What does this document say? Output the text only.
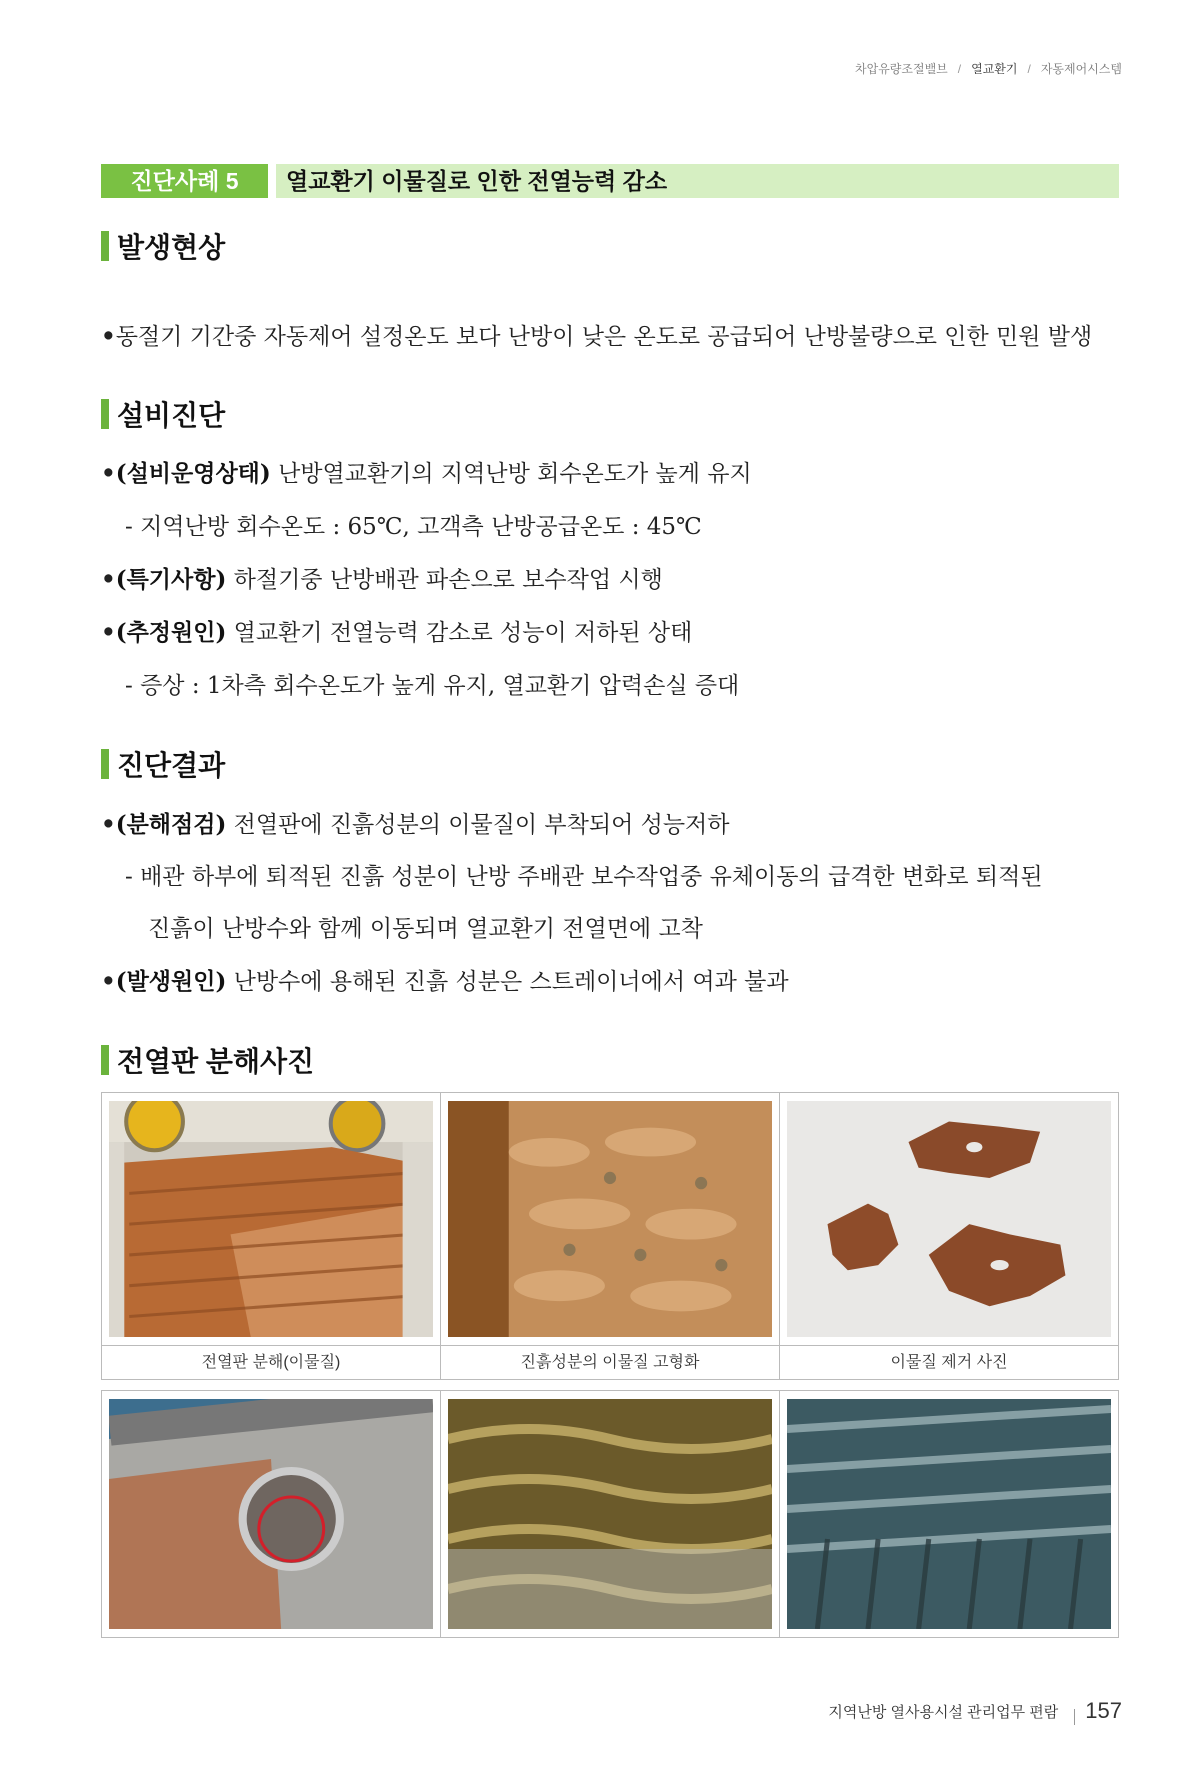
차압유량조절밸브 / 열교환기 / 자동제어시스템
진단사례 5	열교환기 이물질로 인한 전열능력 감소
발생현상
•동절기 기간중 자동제어 설정온도 보다 난방이 낮은 온도로 공급되어 난방불량으로 인한 민원 발생
설비진단
•(설비운영상태) 난방열교환기의 지역난방 회수온도가 높게 유지
- 지역난방 회수온도 : 65℃, 고객측 난방공급온도 : 45℃
•(특기사항) 하절기중 난방배관 파손으로 보수작업 시행
•(추정원인) 열교환기 전열능력 감소로 성능이 저하된 상태
- 증상 : 1차측 회수온도가 높게 유지, 열교환기 압력손실 증대
진단결과
•(분해점검) 전열판에 진흙성분의 이물질이 부착되어 성능저하
- 배관 하부에 퇴적된 진흙 성분이 난방 주배관 보수작업중 유체이동의 급격한 변화로 퇴적된
진흙이 난방수와 함께 이동되며 열교환기 전열면에 고착
•(발생원인) 난방수에 용해된 진흙 성분은 스트레이너에서 여과 불과
전열판 분해사진
전열판 분해(이물질)	진흙성분의 이물질 고형화	이물질 제거 사진
지역난방 열사용시설 관리업무 편람 157
